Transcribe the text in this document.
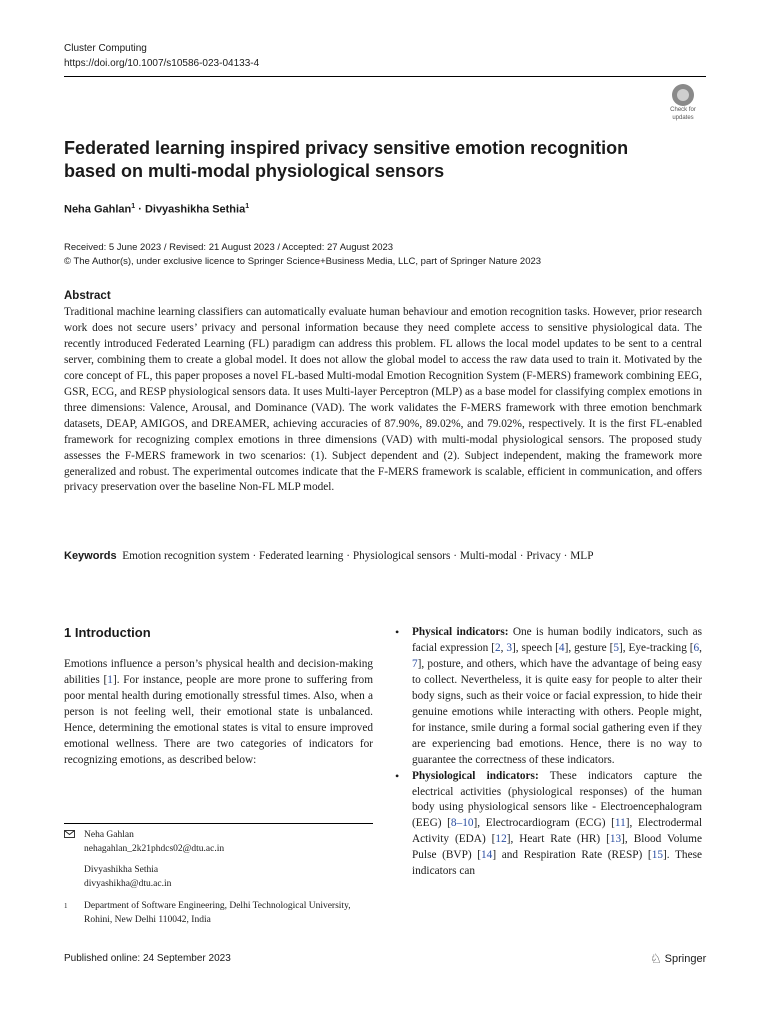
Cluster Computing
https://doi.org/10.1007/s10586-023-04133-4
Check for
updates
Federated learning inspired privacy sensitive emotion recognition based on multi-modal physiological sensors
Neha Gahlan$^1$ · Divyashikha Sethia$^1$
Received: 5 June 2023 / Revised: 21 August 2023 / Accepted: 27 August 2023
© The Author(s), under exclusive licence to Springer Science+Business Media, LLC, part of Springer Nature 2023
Abstract
Traditional machine learning classifiers can automatically evaluate human behaviour and emotion recognition tasks. However, prior research work does not secure users’ privacy and personal information because they need complete access to sensitive physiological data. The recently introduced Federated Learning (FL) paradigm can address this problem. FL allows the local model updates to be sent to a central server, combining them to create a global model. It does not allow the global model to access the raw data used to train it. Motivated by the core concept of FL, this paper proposes a novel FL-based Multi-modal Emotion Recognition System (F-MERS) framework combining EEG, GSR, ECG, and RESP physiological sensors data. It uses Multi-layer Perceptron (MLP) as a base model for classifying complex emotions in three dimensions: Valence, Arousal, and Dominance (VAD). The work validates the F-MERS framework with three emotion benchmark datasets, DEAP, AMIGOS, and DREAMER, achieving accuracies of 87.90%, 89.02%, and 79.02%, respectively. It is the first FL-enabled framework for recognizing complex emotions in three dimensions (VAD) with multi-modal physiological sensors. The proposed study assesses the F-MERS framework in two scenarios: (1). Subject dependent and (2). Subject independent, making the framework more generalized and robust. The experimental outcomes indicate that the F-MERS framework is scalable, efficient in communication, and offers privacy preservation over the baseline Non-FL MLP model.
Keywords Emotion recognition system · Federated learning · Physiological sensors · Multi-modal · Privacy · MLP
1 Introduction
Emotions influence a person’s physical health and decision-making abilities [1]. For instance, people are more prone to suffering from poor mental health during emotionally stressful times. Also, when a person is not feeling well, their emotional state is unbalanced. Hence, determining the emotional states is vital to ensure improved emotional wellness. There are two categories of indicators for recognizing emotions, as described below:
Neha Gahlan
nehagahlan_2k21phdcs02@dtu.ac.in
Divyashikha Sethia
divyashikha@dtu.ac.in
1	Department of Software Engineering, Delhi Technological University, Rohini, New Delhi 110042, India
•	Physical indicators: One is human bodily indicators, such as facial expression [2, 3], speech [4], gesture [5], Eye-tracking [6, 7], posture, and others, which have the advantage of being easy to collect. Nevertheless, it is quite easy for people to alter their body signs, such as their voice or facial expression, to hide their genuine emotions while interacting with others. People might, for instance, smile during a formal social gathering even if they are experiencing bad emotions. Hence, there is no way to guarantee the correctness of these indicators.
•	Physiological indicators: These indicators capture the electrical activities (physiological responses) of the human body using physiological sensors like - Electroencephalogram (EEG) [8–10], Electrocardiogram (ECG) [11], Electrodermal Activity (EDA) [12], Heart Rate (HR) [13], Blood Volume Pulse (BVP) [14] and Respiration Rate (RESP) [15]. These indicators can
Published online: 24 September 2023	♘ Springer
